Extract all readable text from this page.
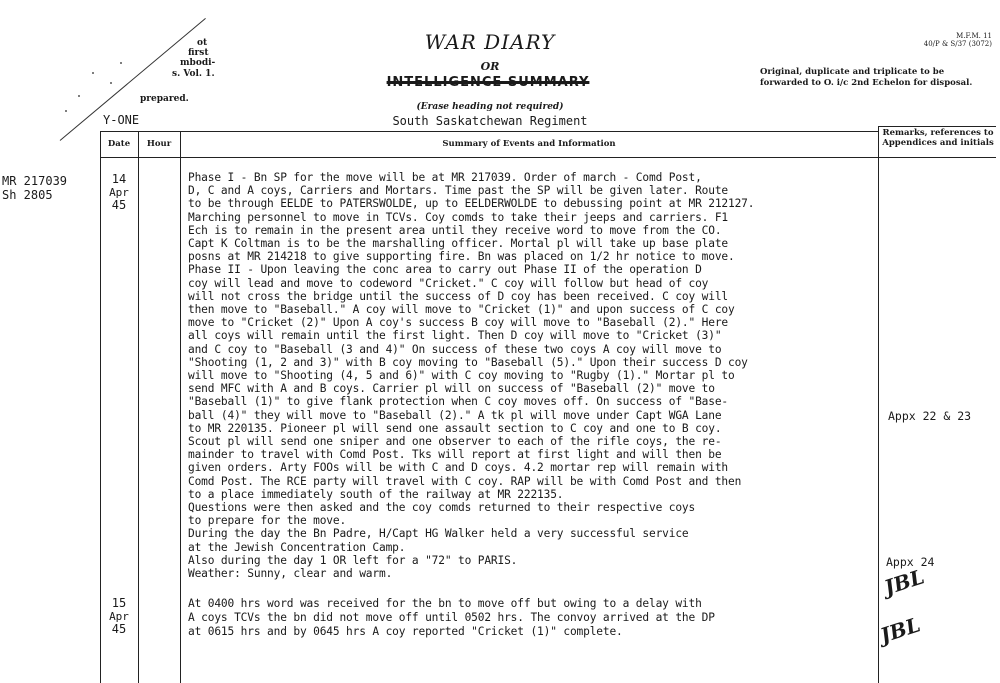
ot
first
mbodi-
s. Vol. 1.
prepared.
Y-ONE
M.F.M. 11
40/P & S/37 (3072)
WAR DIARY
OR
INTELLIGENCE SUMMARY
(Erase heading not required)
South Saskatchewan Regiment
Original, duplicate and triplicate to be forwarded to O. i/c 2nd Echelon for disposal.
Date	Hour	Summary of Events and Information
Remarks, references to Appendices and initials
MR 217039
Sh 2805
14
Apr
45
Phase I - Bn SP for the move will be at MR 217039. Order of march - Comd Post,
D, C and A coys, Carriers and Mortars. Time past the SP will be given later. Route
to be through EELDE to PATERSWOLDE, up to EELDERWOLDE to debussing point at MR 212127.
Marching personnel to move in TCVs. Coy comds to take their jeeps and carriers. F1
Ech is to remain in the present area until they receive word to move from the CO.
Capt K Coltman is to be the marshalling officer. Mortal pl will take up base plate
posns at MR 214218 to give supporting fire. Bn was placed on 1/2 hr notice to move.
Phase II - Upon leaving the conc area to carry out Phase II of the operation D
coy will lead and move to codeword "Cricket." C coy will follow but head of coy
will not cross the bridge until the success of D coy has been received. C coy will
then move to "Baseball." A coy will move to "Cricket (1)" and upon success of C coy
move to "Cricket (2)" Upon A coy's success B coy will move to "Baseball (2)." Here
all coys will remain until the first light. Then D coy will move to "Cricket (3)"
and C coy to "Baseball (3 and 4)" On success of these two coys A coy will move to
"Shooting (1, 2 and 3)" with B coy moving to "Baseball (5)." Upon their success D coy
will move to "Shooting (4, 5 and 6)" with C coy moving to "Rugby (1)." Mortar pl to
send MFC with A and B coys. Carrier pl will on success of "Baseball (2)" move to
"Baseball (1)" to give flank protection when C coy moves off. On success of "Base-
ball (4)" they will move to "Baseball (2)." A tk pl will move under Capt WGA Lane
to MR 220135. Pioneer pl will send one assault section to C coy and one to B coy.
Scout pl will send one sniper and one observer to each of the rifle coys, the re-
mainder to travel with Comd Post. Tks will report at first light and will then be
given orders. Arty FOOs will be with C and D coys. 4.2 mortar rep will remain with
Comd Post. The RCE party will travel with C coy. RAP will be with Comd Post and then
to a place immediately south of the railway at MR 222135.
Questions were then asked and the coy comds returned to their respective coys
to prepare for the move.
During the day the Bn Padre, H/Capt HG Walker held a very successful service
at the Jewish Concentration Camp.
Also during the day 1 OR left for a "72" to PARIS.
Weather: Sunny, clear and warm.
15
Apr
45
At 0400 hrs word was received for the bn to move off but owing to a delay with
A coys TCVs the bn did not move off until 0502 hrs. The convoy arrived at the DP
at 0615 hrs and by 0645 hrs A coy reported "Cricket (1)" complete.
Appx 22 & 23
Appx 24
JBL
JBL
